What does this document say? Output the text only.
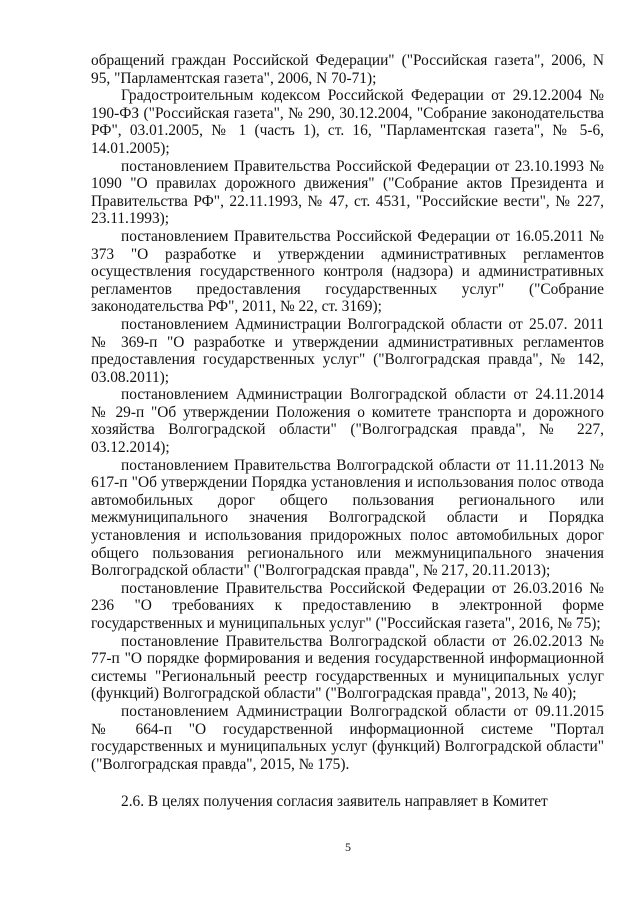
обращений граждан Российской Федерации" ("Российская газета", 2006, N 95, "Парламентская газета", 2006, N 70-71);

Градостроительным кодексом Российской Федерации от 29.12.2004 № 190-ФЗ ("Российская газета", № 290, 30.12.2004, "Собрание законодательства РФ", 03.01.2005, № 1 (часть 1), ст. 16, "Парламентская газета", № 5-6, 14.01.2005);

постановлением Правительства Российской Федерации от 23.10.1993 № 1090 "О правилах дорожного движения" ("Собрание актов Президента и Правительства РФ", 22.11.1993, № 47, ст. 4531, "Российские вести", № 227, 23.11.1993);

постановлением Правительства Российской Федерации от 16.05.2011 № 373 "О разработке и утверждении административных регламентов осуществления государственного контроля (надзора) и административных регламентов предоставления государственных услуг" ("Собрание законодательства РФ", 2011, № 22, ст. 3169);

постановлением Администрации Волгоградской области от 25.07. 2011 № 369-п "О разработке и утверждении административных регламентов предоставления государственных услуг" ("Волгоградская правда", № 142, 03.08.2011);

постановлением Администрации Волгоградской области от 24.11.2014 № 29-п "Об утверждении Положения о комитете транспорта и дорожного хозяйства Волгоградской области" ("Волгоградская правда", № 227, 03.12.2014);

постановлением Правительства Волгоградской области от 11.11.2013 № 617-п "Об утверждении Порядка установления и использования полос отвода автомобильных дорог общего пользования регионального или межмуниципального значения Волгоградской области и Порядка установления и использования придорожных полос автомобильных дорог общего пользования регионального или межмуниципального значения Волгоградской области" ("Волгоградская правда", № 217, 20.11.2013);

постановление Правительства Российской Федерации от 26.03.2016 № 236 "О требованиях к предоставлению в электронной форме государственных и муниципальных услуг" ("Российская газета", 2016, № 75);

постановление Правительства Волгоградской области от 26.02.2013 № 77-п "О порядке формирования и ведения государственной информационной системы "Региональный реестр государственных и муниципальных услуг (функций) Волгоградской области" ("Волгоградская правда", 2013, № 40);

постановлением Администрации Волгоградской области от 09.11.2015 № 664-п "О государственной информационной системе "Портал государственных и муниципальных услуг (функций) Волгоградской области" ("Волгоградская правда", 2015, № 175).

2.6. В целях получения согласия заявитель направляет в Комитет

5
